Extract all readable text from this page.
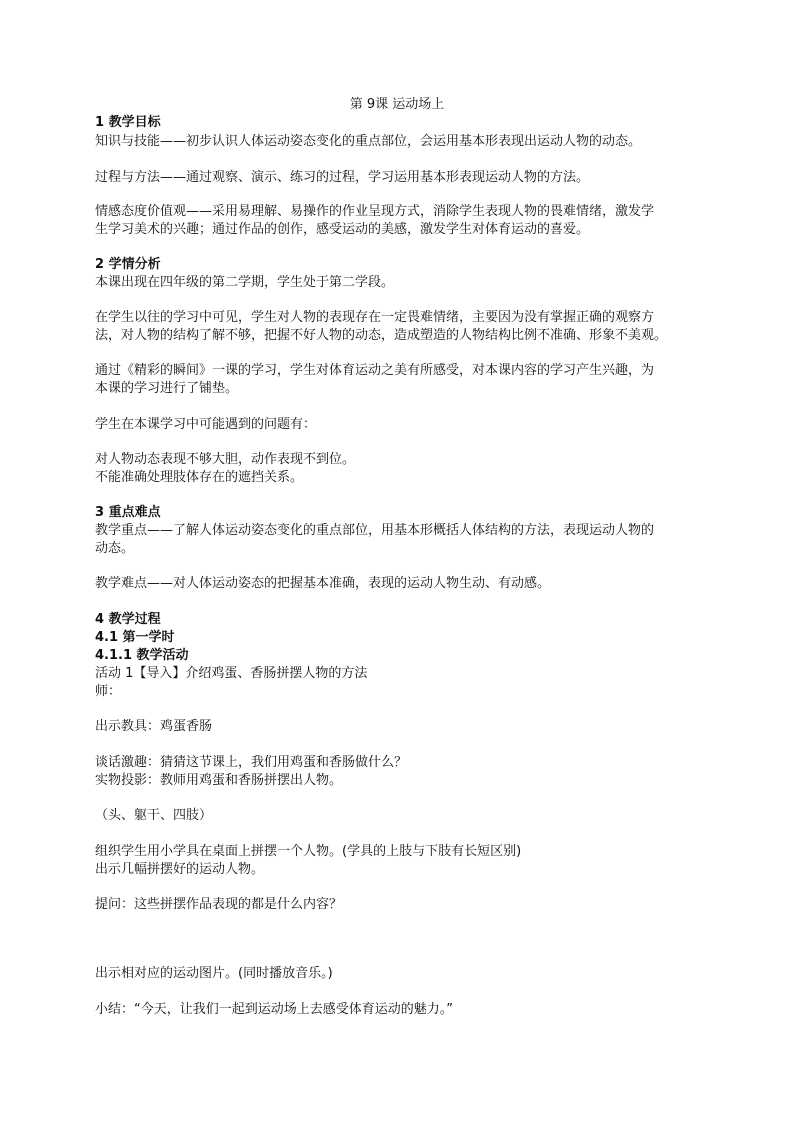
第 9课 运动场上
1 教学目标
知识与技能——初步认识人体运动姿态变化的重点部位，会运用基本形表现出运动人物的动态。
过程与方法——通过观察、演示、练习的过程，学习运用基本形表现运动人物的方法。
情感态度价值观——采用易理解、易操作的作业呈现方式，消除学生表现人物的畏难情绪，激发学
生学习美术的兴趣；通过作品的创作，感受运动的美感，激发学生对体育运动的喜爱。
2 学情分析
本课出现在四年级的第二学期，学生处于第二学段。
在学生以往的学习中可见，学生对人物的表现存在一定畏难情绪，主要因为没有掌握正确的观察方
法，对人物的结构了解不够，把握不好人物的动态，造成塑造的人物结构比例不准确、形象不美观。
通过《精彩的瞬间》一课的学习，学生对体育运动之美有所感受，对本课内容的学习产生兴趣，为
本课的学习进行了铺垫。
学生在本课学习中可能遇到的问题有：
对人物动态表现不够大胆，动作表现不到位。
不能准确处理肢体存在的遮挡关系。
3 重点难点
教学重点——了解人体运动姿态变化的重点部位，用基本形概括人体结构的方法，表现运动人物的
动态。
教学难点——对人体运动姿态的把握基本准确，表现的运动人物生动、有动感。
4 教学过程
4.1 第一学时
4.1.1 教学活动
活动 1【导入】介绍鸡蛋、香肠拼摆人物的方法
师：
出示教具：鸡蛋香肠
谈话激趣：猜猜这节课上，我们用鸡蛋和香肠做什么？
实物投影：教师用鸡蛋和香肠拼摆出人物。
（头、躯干、四肢）
组织学生用小学具在桌面上拼摆一个人物。(学具的上肢与下肢有长短区别)
出示几幅拼摆好的运动人物。
提问：这些拼摆作品表现的都是什么内容？
出示相对应的运动图片。(同时播放音乐。)
小结：“今天，让我们一起到运动场上去感受体育运动的魅力。”
